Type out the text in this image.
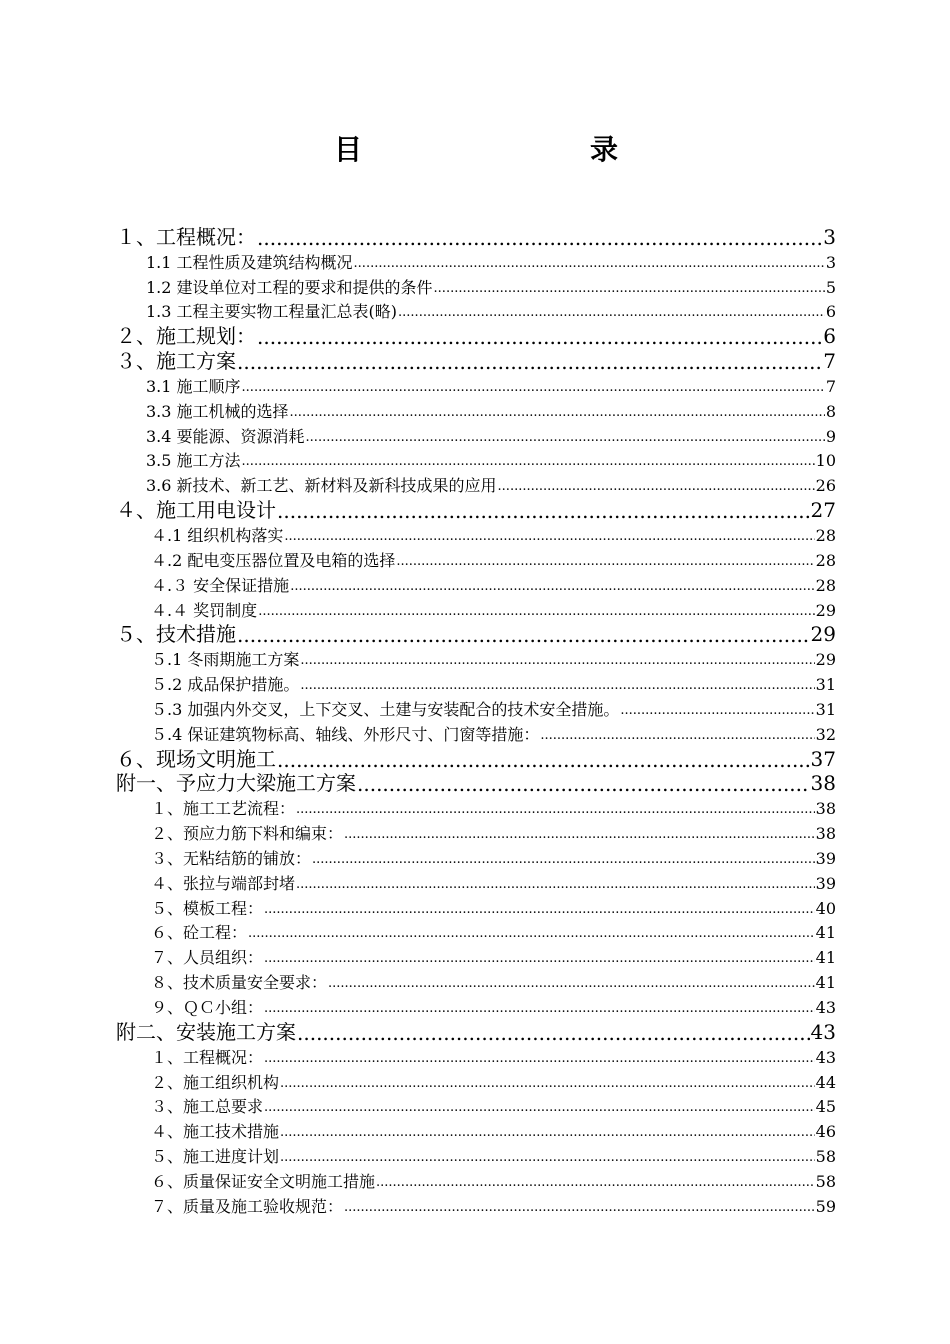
目	录
１、工程概况： .....	3
1.1 工程性质及建筑结构概况 .....	3
1.2 建设单位对工程的要求和提供的条件 .....	5
1.3 工程主要实物工程量汇总表(略) .....	6
２、施工规划： .....	6
３、施工方案 .....	7
3.1 施工顺序 .....	7
3.3 施工机械的选择 .....	8
3.4 要能源、资源消耗 .....	9
3.5 施工方法 .....	10
3.6 新技术、新工艺、新材料及新科技成果的应用 .....	26
４、施工用电设计 .....	27
４.1 组织机构落实 .....	28
４.2 配电变压器位置及电箱的选择 .....	28
４.３ 安全保证措施 .....	28
４.４ 奖罚制度 .....	29
５、技术措施 .....	29
５.1 冬雨期施工方案 .....	29
５.2 成品保护措施。 .....	31
５.3 加强内外交叉，上下交叉、土建与安装配合的技术安全措施。 .....	31
５.4 保证建筑物标高、轴线、外形尺寸、门窗等措施： .....	32
６、现场文明施工 .....	37
附一、予应力大梁施工方案 .....	38
１、施工工艺流程： .....	38
２、预应力筋下料和编束： .....	38
３、无粘结筋的铺放： .....	39
４、张拉与端部封堵 .....	39
５、模板工程： .....	40
６、砼工程： .....	41
７、人员组织： .....	41
８、技术质量安全要求： .....	41
９、ＱＣ小组： .....	43
附二、安装施工方案 .....	43
１、工程概况： .....	43
２、施工组织机构 .....	44
３、施工总要求 .....	45
４、施工技术措施 .....	46
５、施工进度计划 .....	58
６、质量保证安全文明施工措施 .....	58
７、质量及施工验收规范： .....	59
